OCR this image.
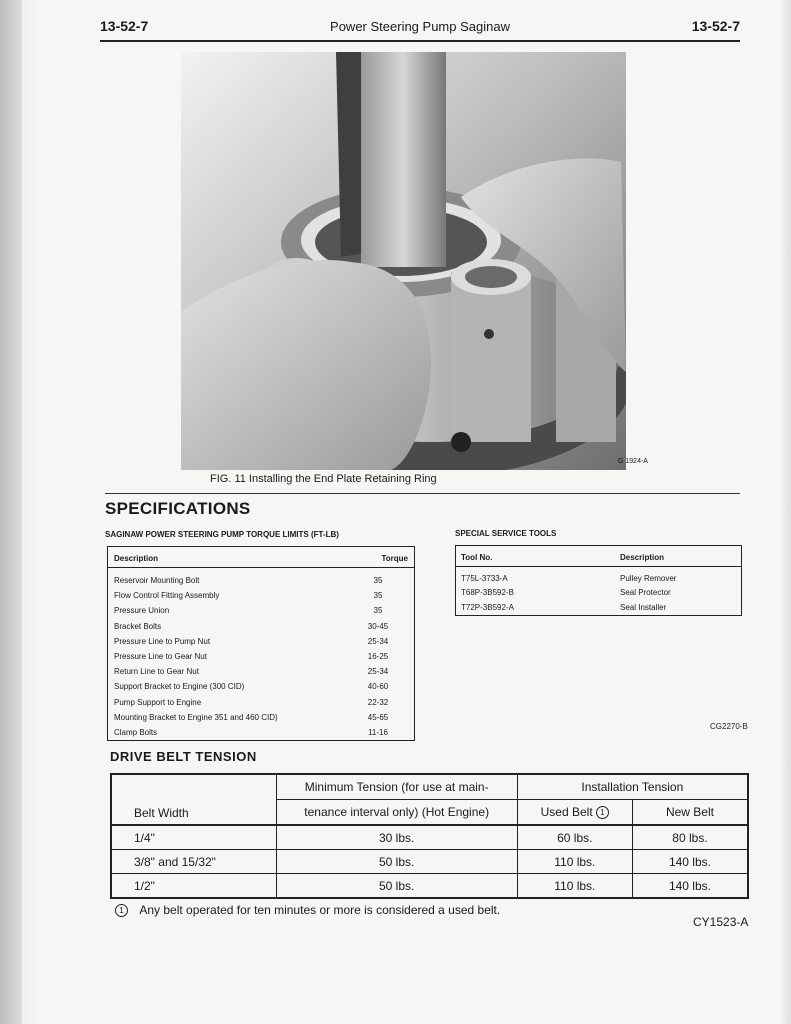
13-52-7	Power Steering Pump Saginaw	13-52-7
G 1924-A
FIG. 11 Installing the End Plate Retaining Ring
SPECIFICATIONS
SAGINAW POWER STEERING PUMP TORQUE LIMITS (FT-LB)
Description	Torque
Reservoir Mounting Bolt	35
Flow Control Fitting Assembly	35
Pressure Union	35
Bracket Bolts	30-45
Pressure Line to Pump Nut	25-34
Pressure Line to Gear Nut	16-25
Return Line to Gear Nut	25-34
Support Bracket to Engine (300 CID)	40-60
Pump Support to Engine	22-32
Mounting Bracket to Engine 351 and 460 CID)	45-65
Clamp Bolts	11-16
SPECIAL SERVICE TOOLS
Tool No.	Description
T75L-3733-A	Pulley Remover
T68P-3B592-B	Seal Protector
T72P-3B592-A	Seal Installer
CG2270-B
DRIVE BELT TENSION
Belt Width	Minimum Tension (for use at main-	Installation Tension	
	tenance interval only) (Hot Engine)	Used Belt 1	New Belt
1/4"	30 lbs.	60 lbs.	80 lbs.
3/8" and 15/32"	50 lbs.	110 lbs.	140 lbs.
1/2"	50 lbs.	110 lbs.	140 lbs.
1 Any belt operated for ten minutes or more is considered a used belt.
CY1523-A
